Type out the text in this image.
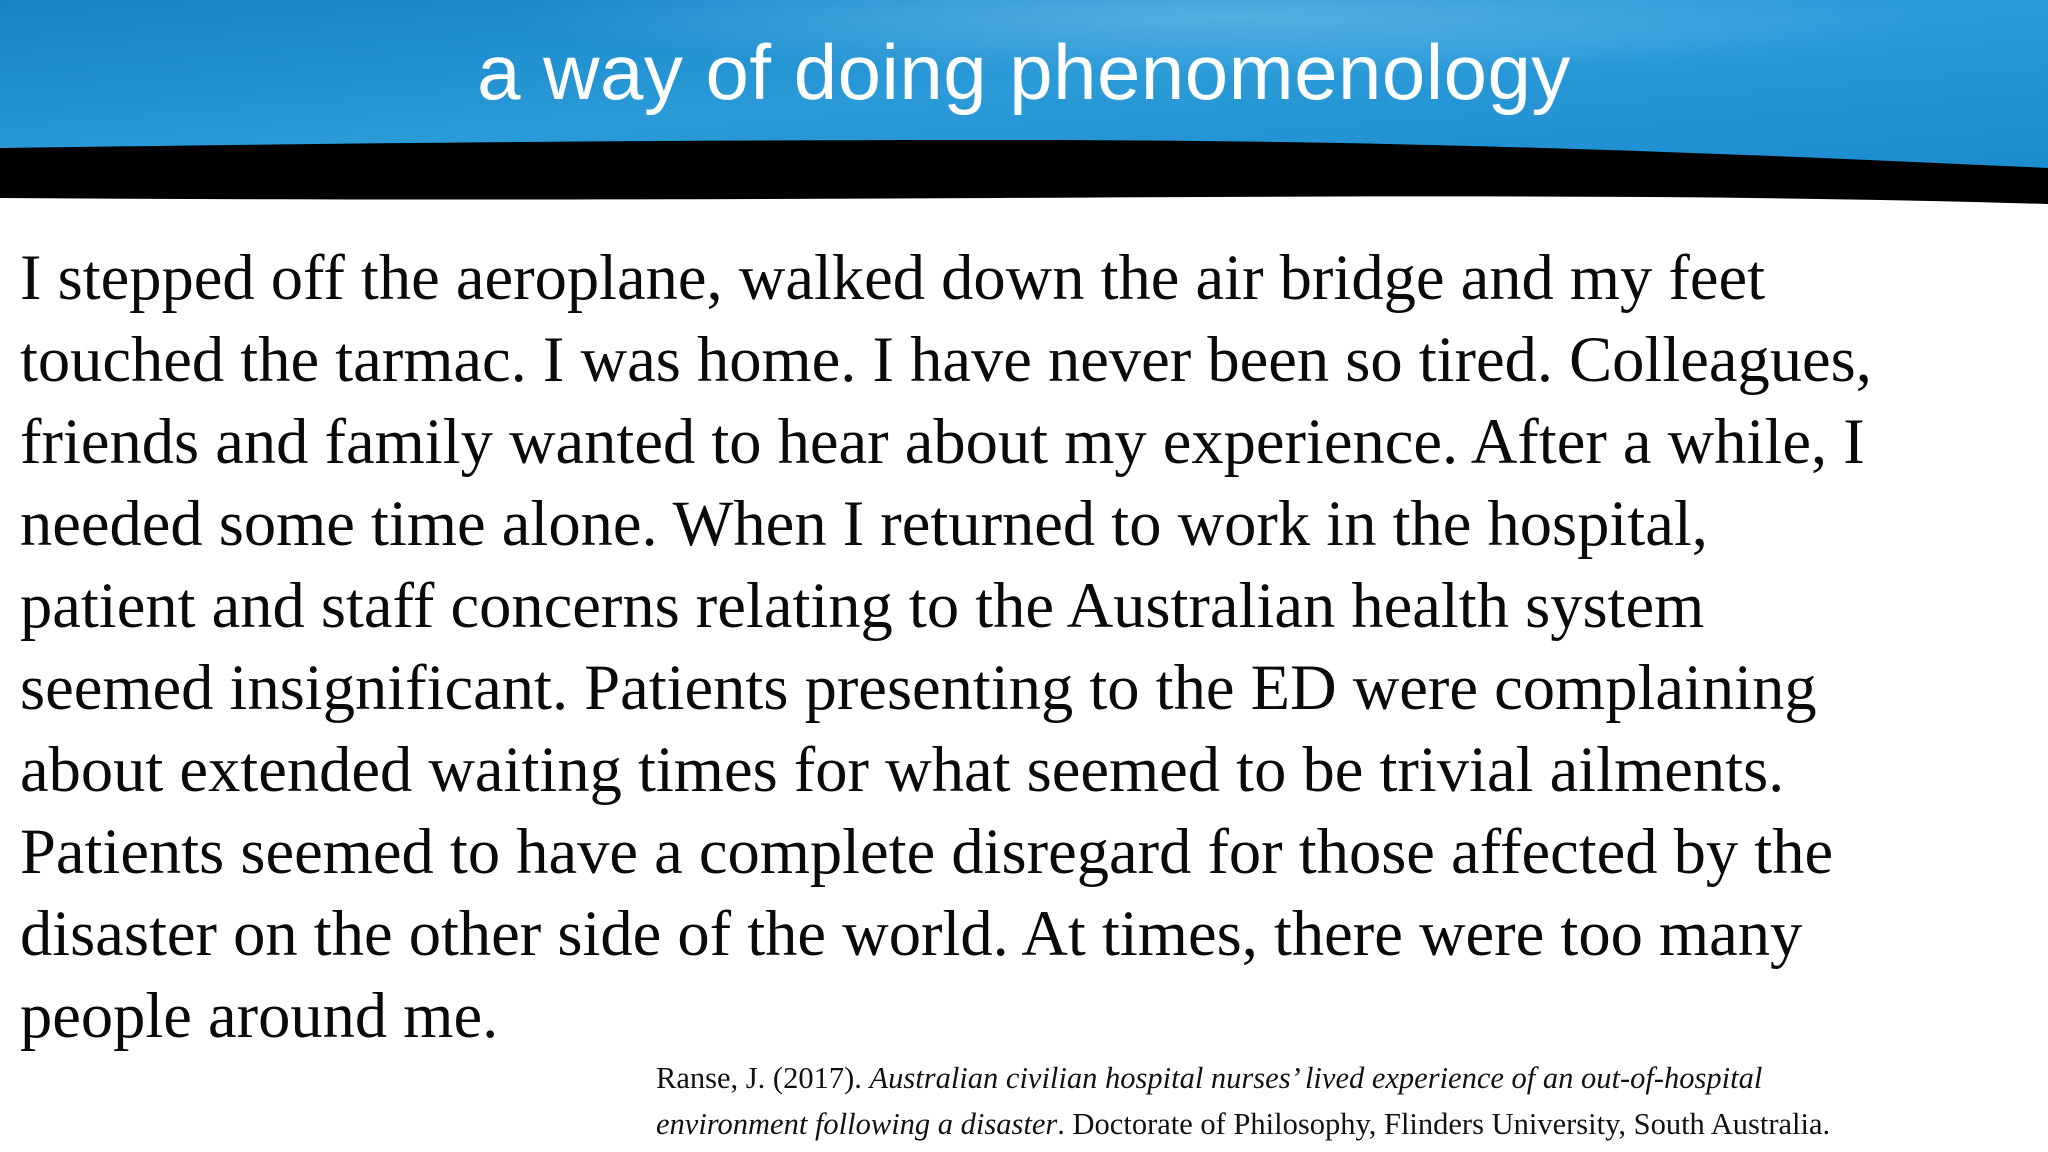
a way of doing phenomenology
I stepped off the aeroplane, walked down the air bridge and my feet
touched the tarmac. I was home. I have never been so tired. Colleagues,
friends and family wanted to hear about my experience. After a while, I
needed some time alone. When I returned to work in the hospital,
patient and staff concerns relating to the Australian health system
seemed insignificant. Patients presenting to the ED were complaining
about extended waiting times for what seemed to be trivial ailments.
Patients seemed to have a complete disregard for those affected by the
disaster on the other side of the world. At times, there were too many
people around me.
Ranse, J. (2017). Australian civilian hospital nurses’ lived experience of an out-of-hospital
environment following a disaster. Doctorate of Philosophy, Flinders University, South Australia.
